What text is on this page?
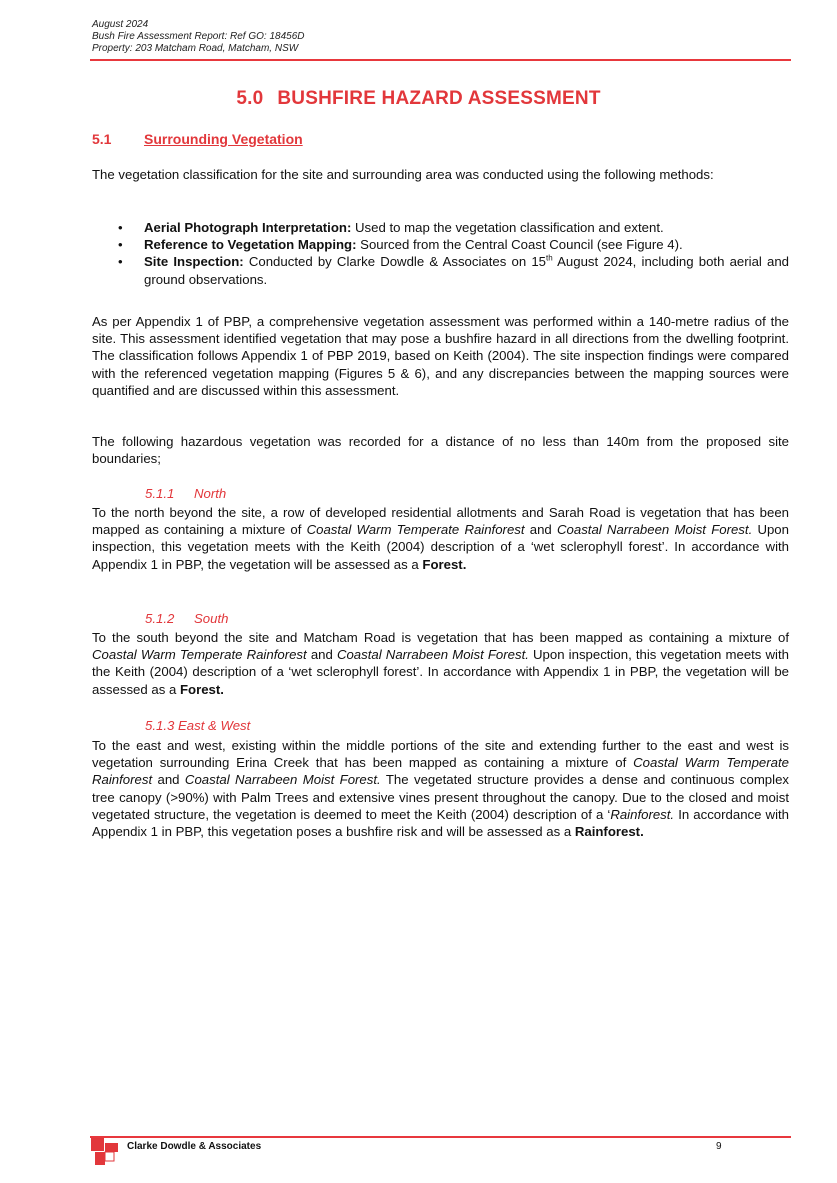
August 2024
Bush Fire Assessment Report: Ref GO: 18456D
Property: 203 Matcham Road, Matcham, NSW
5.0 BUSHFIRE HAZARD ASSESSMENT
5.1 Surrounding Vegetation

The vegetation classification for the site and surrounding area was conducted using the following methods:

• Aerial Photograph Interpretation: Used to map the vegetation classification and extent.
• Reference to Vegetation Mapping: Sourced from the Central Coast Council (see Figure 4).
• Site Inspection: Conducted by Clarke Dowdle & Associates on 15th August 2024, including both aerial and ground observations.

As per Appendix 1 of PBP, a comprehensive vegetation assessment was performed within a 140-metre radius of the site. This assessment identified vegetation that may pose a bushfire hazard in all directions from the dwelling footprint. The classification follows Appendix 1 of PBP 2019, based on Keith (2004). The site inspection findings were compared with the referenced vegetation mapping (Figures 5 & 6), and any discrepancies between the mapping sources were quantified and are discussed within this assessment.

The following hazardous vegetation was recorded for a distance of no less than 140m from the proposed site boundaries;

5.1.1 North

To the north beyond the site, a row of developed residential allotments and Sarah Road is vegetation that has been mapped as containing a mixture of Coastal Warm Temperate Rainforest and Coastal Narrabeen Moist Forest. Upon inspection, this vegetation meets with the Keith (2004) description of a ‘wet sclerophyll forest’. In accordance with Appendix 1 in PBP, the vegetation will be assessed as a Forest.

5.1.2 South

To the south beyond the site and Matcham Road is vegetation that has been mapped as containing a mixture of Coastal Warm Temperate Rainforest and Coastal Narrabeen Moist Forest. Upon inspection, this vegetation meets with the Keith (2004) description of a ‘wet sclerophyll forest’. In accordance with Appendix 1 in PBP, the vegetation will be assessed as a Forest.

5.1.3 East & West

To the east and west, existing within the middle portions of the site and extending further to the east and west is vegetation surrounding Erina Creek that has been mapped as containing a mixture of Coastal Warm Temperate Rainforest and Coastal Narrabeen Moist Forest. The vegetated structure provides a dense and continuous complex tree canopy (>90%) with Palm Trees and extensive vines present throughout the canopy. Due to the closed and moist vegetated structure, the vegetation is deemed to meet the Keith (2004) description of a ‘Rainforest. In accordance with Appendix 1 in PBP, this vegetation poses a bushfire risk and will be assessed as a Rainforest.

Clarke Dowdle & Associates	9
